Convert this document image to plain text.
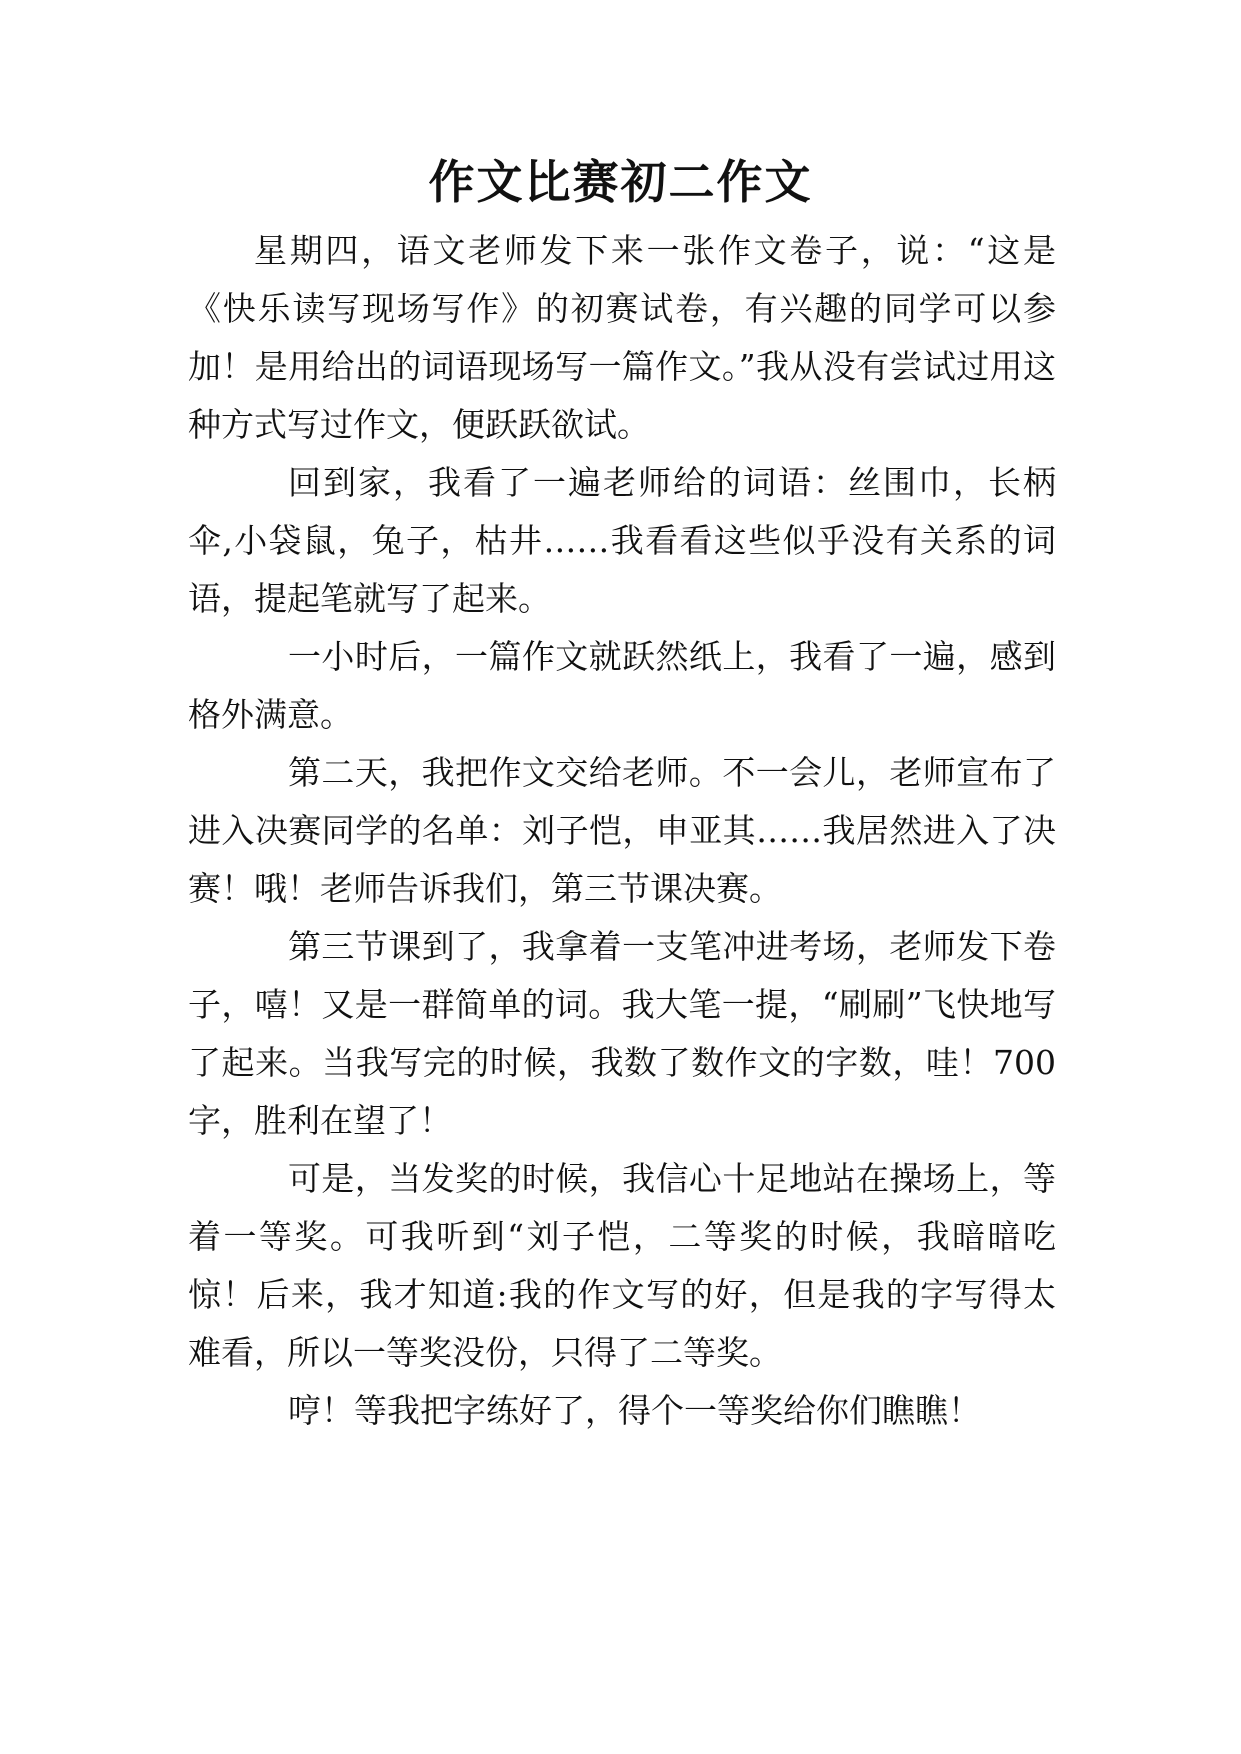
作文比赛初二作文

星期四，语文老师发下来一张作文卷子，说：“这是《快乐读写现场写作》的初赛试卷，有兴趣的同学可以参加！是用给出的词语现场写一篇作文。”我从没有尝试过用这种方式写过作文，便跃跃欲试。

回到家，我看了一遍老师给的词语：丝围巾，长柄伞,小袋鼠，兔子，枯井……我看看这些似乎没有关系的词语，提起笔就写了起来。

一小时后，一篇作文就跃然纸上，我看了一遍，感到格外满意。

第二天，我把作文交给老师。不一会儿，老师宣布了进入决赛同学的名单：刘子恺，申亚其……我居然进入了决赛！哦！老师告诉我们，第三节课决赛。

第三节课到了，我拿着一支笔冲进考场，老师发下卷子，嘻！又是一群简单的词。我大笔一提，“刷刷”飞快地写了起来。当我写完的时候，我数了数作文的字数，哇！700字，胜利在望了！

可是，当发奖的时候，我信心十足地站在操场上，等着一等奖。可我听到“刘子恺，二等奖的时候，我暗暗吃惊！后来，我才知道:我的作文写的好，但是我的字写得太难看，所以一等奖没份，只得了二等奖。

哼！等我把字练好了，得个一等奖给你们瞧瞧！
